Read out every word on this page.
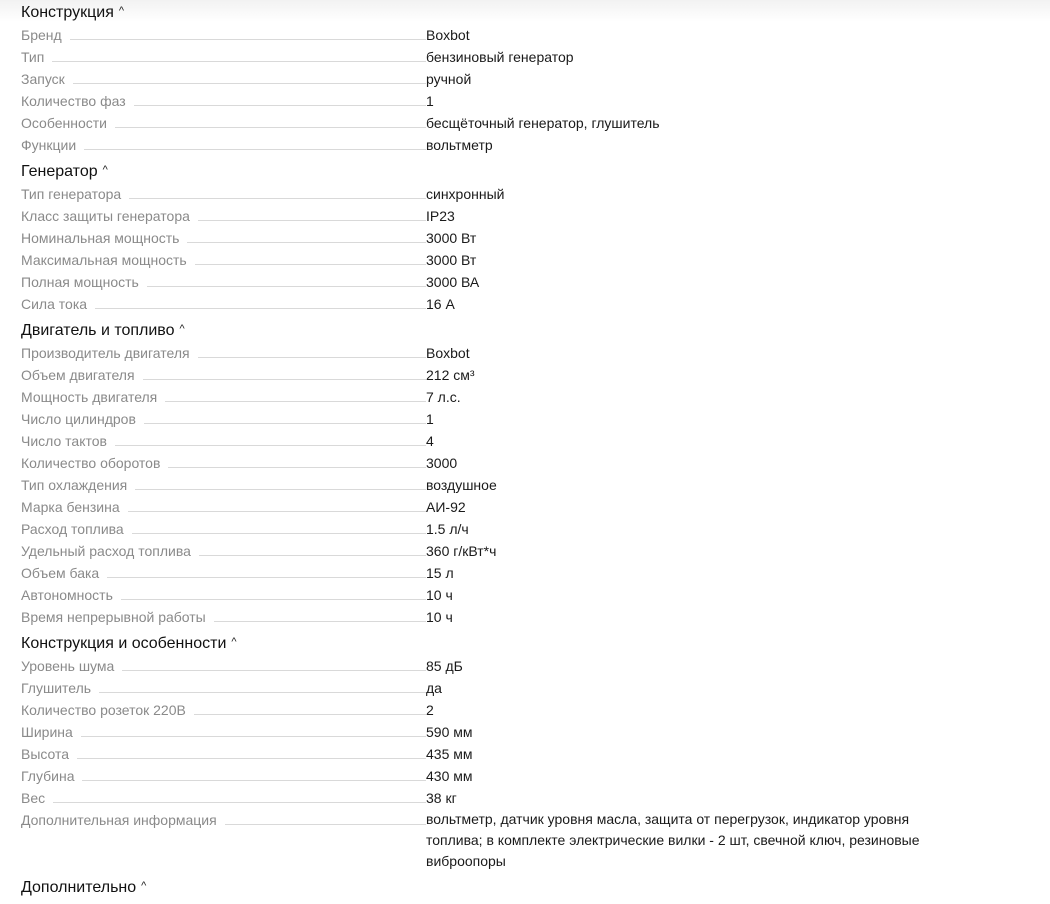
Конструкция ^
Бренд	Boxbot
Тип	бензиновый генератор
Запуск	ручной
Количество фаз	1
Особенности	бесщёточный генератор, глушитель
Функции	вольтметр
Генератор ^
Тип генератора	синхронный
Класс защиты генератора	IP23
Номинальная мощность	3000 Вт
Максимальная мощность	3000 Вт
Полная мощность	3000 ВА
Сила тока	16 А
Двигатель и топливо ^
Производитель двигателя	Boxbot
Объем двигателя	212 см³
Мощность двигателя	7 л.с.
Число цилиндров	1
Число тактов	4
Количество оборотов	3000
Тип охлаждения	воздушное
Марка бензина	АИ-92
Расход топлива	1.5 л/ч
Удельный расход топлива	360 г/кВт*ч
Объем бака	15 л
Автономность	10 ч
Время непрерывной работы	10 ч
Конструкция и особенности ^
Уровень шума	85 дБ
Глушитель	да
Количество розеток 220В	2
Ширина	590 мм
Высота	435 мм
Глубина	430 мм
Вес	38 кг
Дополнительная информация	вольтметр, датчик уровня масла, защита от перегрузок, индикатор уровня топлива; в комплекте электрические вилки - 2 шт, свечной ключ, резиновые виброопоры
Дополнительно ^
